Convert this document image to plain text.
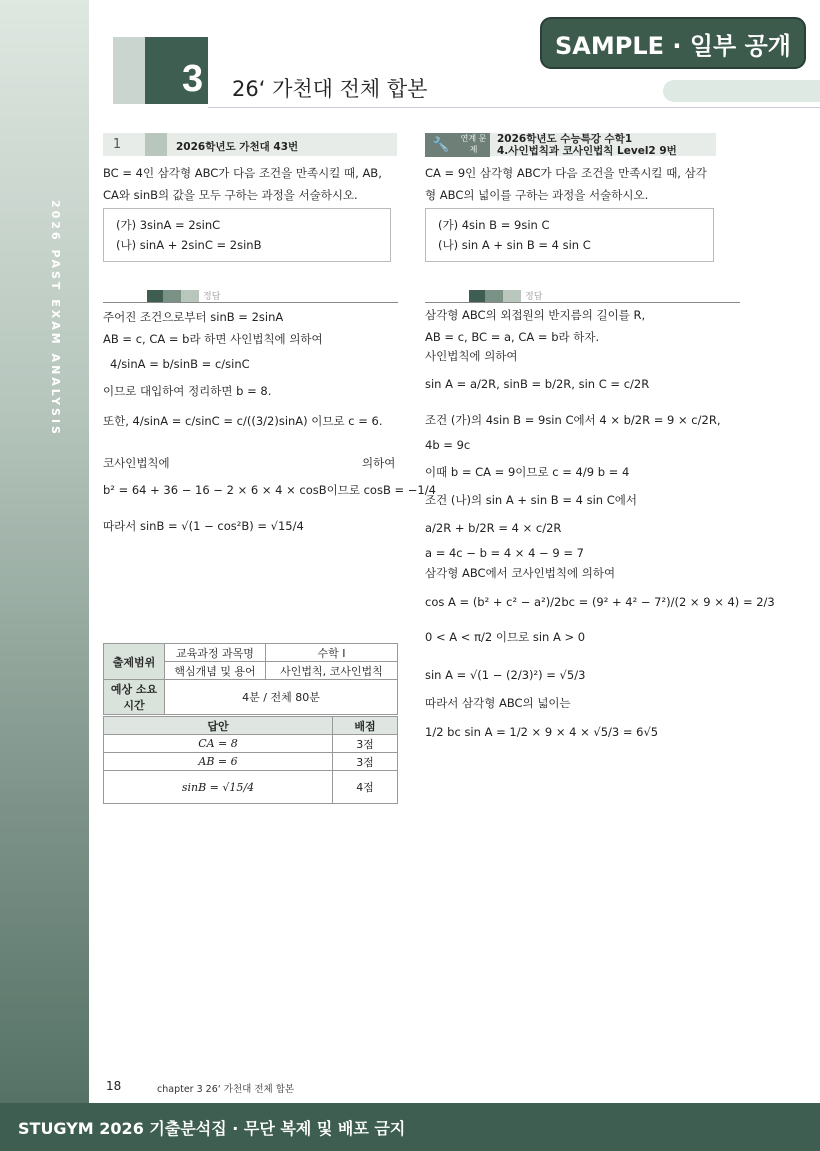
2026 PAST EXAM ANALYSIS
3 26‘ 가천대 전체 합본
SAMPLE · 일부 공개
1	2026학년도 가천대 43번
BC = 4인 삼각형 ABC가 다음 조건을 만족시킬 때, AB,
CA와 sinB의 값을 모두 구하는 과정을 서술하시오.
(가) 3sinA = 2sinC
(나) sinA + 2sinC = 2sinB
정답
주어진 조건으로부터 sinB = 2sinA
AB = c, CA = b라 하면 사인법칙에 의하여
4/sinA = b/sinB = c/sinC
이므로 대입하여 정리하면 b = 8.
또한, 4/sinA = c/sinC = c/((3/2)sinA) 이므로 c = 6.
코사인법칙에	의하여
b² = 64 + 36 − 16 − 2 × 6 × 4 × cosB이므로 cosB = −1/4
따라서 sinB = √(1 − cos²B) = √15/4
출제범위	교육과정 과목명	수학 I
	핵심개념 및 용어	사인법칙, 코사인법칙
예상 소요 시간	4분 / 전체 80분	
답안	배점
CA = 8	3점
AB = 6	3점
sinB = √15/4	4점
🔧	연계 문제
2026학년도 수능특강 수학1
4.사인법칙과 코사인법칙 Level2 9번
CA = 9인 삼각형 ABC가 다음 조건을 만족시킬 때, 삼각
형 ABC의 넓이를 구하는 과정을 서술하시오.
(가) 4sin B = 9sin C
(나) sin A + sin B = 4 sin C
정답
삼각형 ABC의 외접원의 반지름의 길이를 R,
AB = c, BC = a, CA = b라 하자.
사인법칙에 의하여
sin A = a/2R, sinB = b/2R, sin C = c/2R
조건 (가)의 4sin B = 9sin C에서 4 × b/2R = 9 × c/2R,
4b = 9c
이때 b = CA = 9이므로 c = 4/9 b = 4
조건 (나)의 sin A + sin B = 4 sin C에서
a/2R + b/2R = 4 × c/2R
a = 4c − b = 4 × 4 − 9 = 7
삼각형 ABC에서 코사인법칙에 의하여
cos A = (b² + c² − a²)/2bc = (9² + 4² − 7²)/(2 × 9 × 4) = 2/3
0 < A < π/2 이므로 sin A > 0
sin A = √(1 − (2/3)²) = √5/3
따라서 삼각형 ABC의 넓이는
1/2 bc sin A = 1/2 × 9 × 4 × √5/3 = 6√5
18	chapter 3 26‘ 가천대 전체 합본
STUGYM 2026 기출분석집 · 무단 복제 및 배포 금지
